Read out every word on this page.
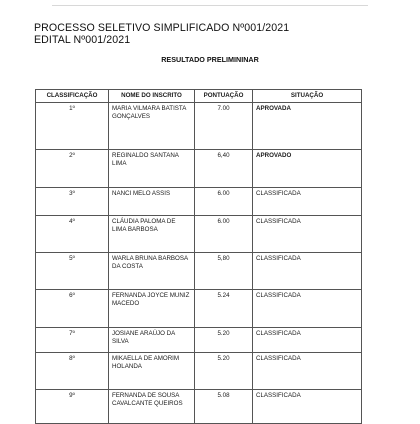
PROCESSO SELETIVO SIMPLIFICADO Nº001/2021
EDITAL Nº001/2021
RESULTADO PRELIMININAR
CLASSIFICAÇÃO	NOME DO INSCRITO	PONTUAÇÃO	SITUAÇÃO
1º	MARIA VILMARA BATISTA GONÇALVES	7.00	APROVADA
2º	REGINALDO SANTANA LIMA	6,40	APROVADO
3º	NANCI MELO ASSIS	6.00	CLASSIFICADA
4º	CLÁUDIA PALOMA DE LIMA BARBOSA	6.00	CLASSIFICADA
5º	WARLA BRUNA BARBOSA DA COSTA	5,80	CLASSIFICADA
6º	FERNANDA JOYCE MUNIZ MACEDO	5.24	CLASSIFICADA
7º	JOSIANE ARAÚJO DA SILVA	5.20	CLASSIFICADA
8º	MIKAELLA DE AMORIM HOLANDA	5.20	CLASSIFICADA
9º	FERNANDA DE SOUSA CAVALCANTE QUEIROS	5.08	CLASSIFICADA
